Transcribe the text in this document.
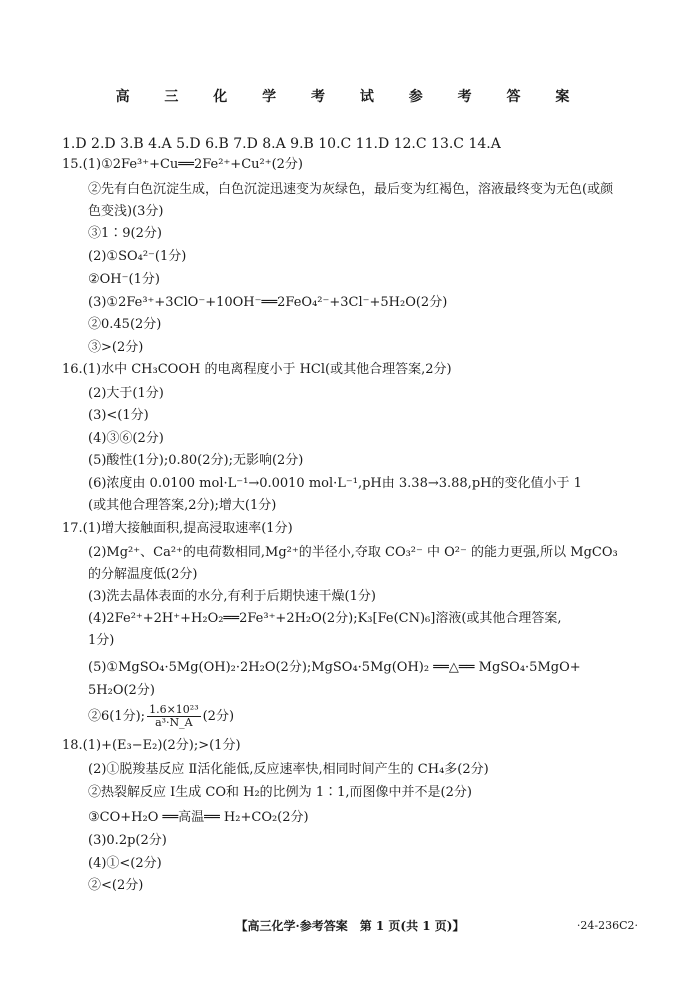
高 三 化 学 考 试 参 考 答 案
1.D 2.D 3.B 4.A 5.D 6.B 7.D 8.A 9.B 10.C 11.D 12.C 13.C 14.A
15.(1)①2Fe³⁺+Cu══2Fe²⁺+Cu²⁺(2分)
②先有白色沉淀生成，白色沉淀迅速变为灰绿色，最后变为红褐色，溶液最终变为无色(或颜
色变浅)(3分)
③1∶9(2分)
(2)①SO₄²⁻(1分)
②OH⁻(1分)
(3)①2Fe³⁺+3ClO⁻+10OH⁻══2FeO₄²⁻+3Cl⁻+5H₂O(2分)
②0.45(2分)
③>(2分)
16.(1)水中 CH₃COOH 的电离程度小于 HCl(或其他合理答案,2分)
(2)大于(1分)
(3)<(1分)
(4)③⑥(2分)
(5)酸性(1分);0.80(2分);无影响(2分)
(6)浓度由 0.0100 mol·L⁻¹→0.0010 mol·L⁻¹,pH由 3.38→3.88,pH的变化值小于 1
(或其他合理答案,2分);增大(1分)
17.(1)增大接触面积,提高浸取速率(1分)
(2)Mg²⁺、Ca²⁺的电荷数相同,Mg²⁺的半径小,夺取 CO₃²⁻ 中 O²⁻ 的能力更强,所以 MgCO₃
的分解温度低(2分)
(3)洗去晶体表面的水分,有利于后期快速干燥(1分)
(4)2Fe²⁺+2H⁺+H₂O₂══2Fe³⁺+2H₂O(2分);K₃[Fe(CN)₆]溶液(或其他合理答案,
1分)
(5)①MgSO₄·5Mg(OH)₂·2H₂O(2分);MgSO₄·5Mg(OH)₂ ══△══ MgSO₄·5MgO+
5H₂O(2分)
②6(1分); $\frac{\text{1.6×10²³}}{\text{a³·N\_A}} (2$分)
18.(1)+(E₃−E₂)(2分);>(1分)
(2)①脱羧基反应 Ⅱ活化能低,反应速率快,相同时间产生的 CH₄多(2分)
②热裂解反应 Ⅰ生成 CO和 H₂的比例为 1∶1,而图像中并不是(2分)
③CO+H₂O ══高温══ H₂+CO₂(2分)
(3)0.2p(2分)
(4)①<(2分)
②<(2分)
【高三化学·参考答案　第 1 页(共 1 页)】	·24-236C2·
